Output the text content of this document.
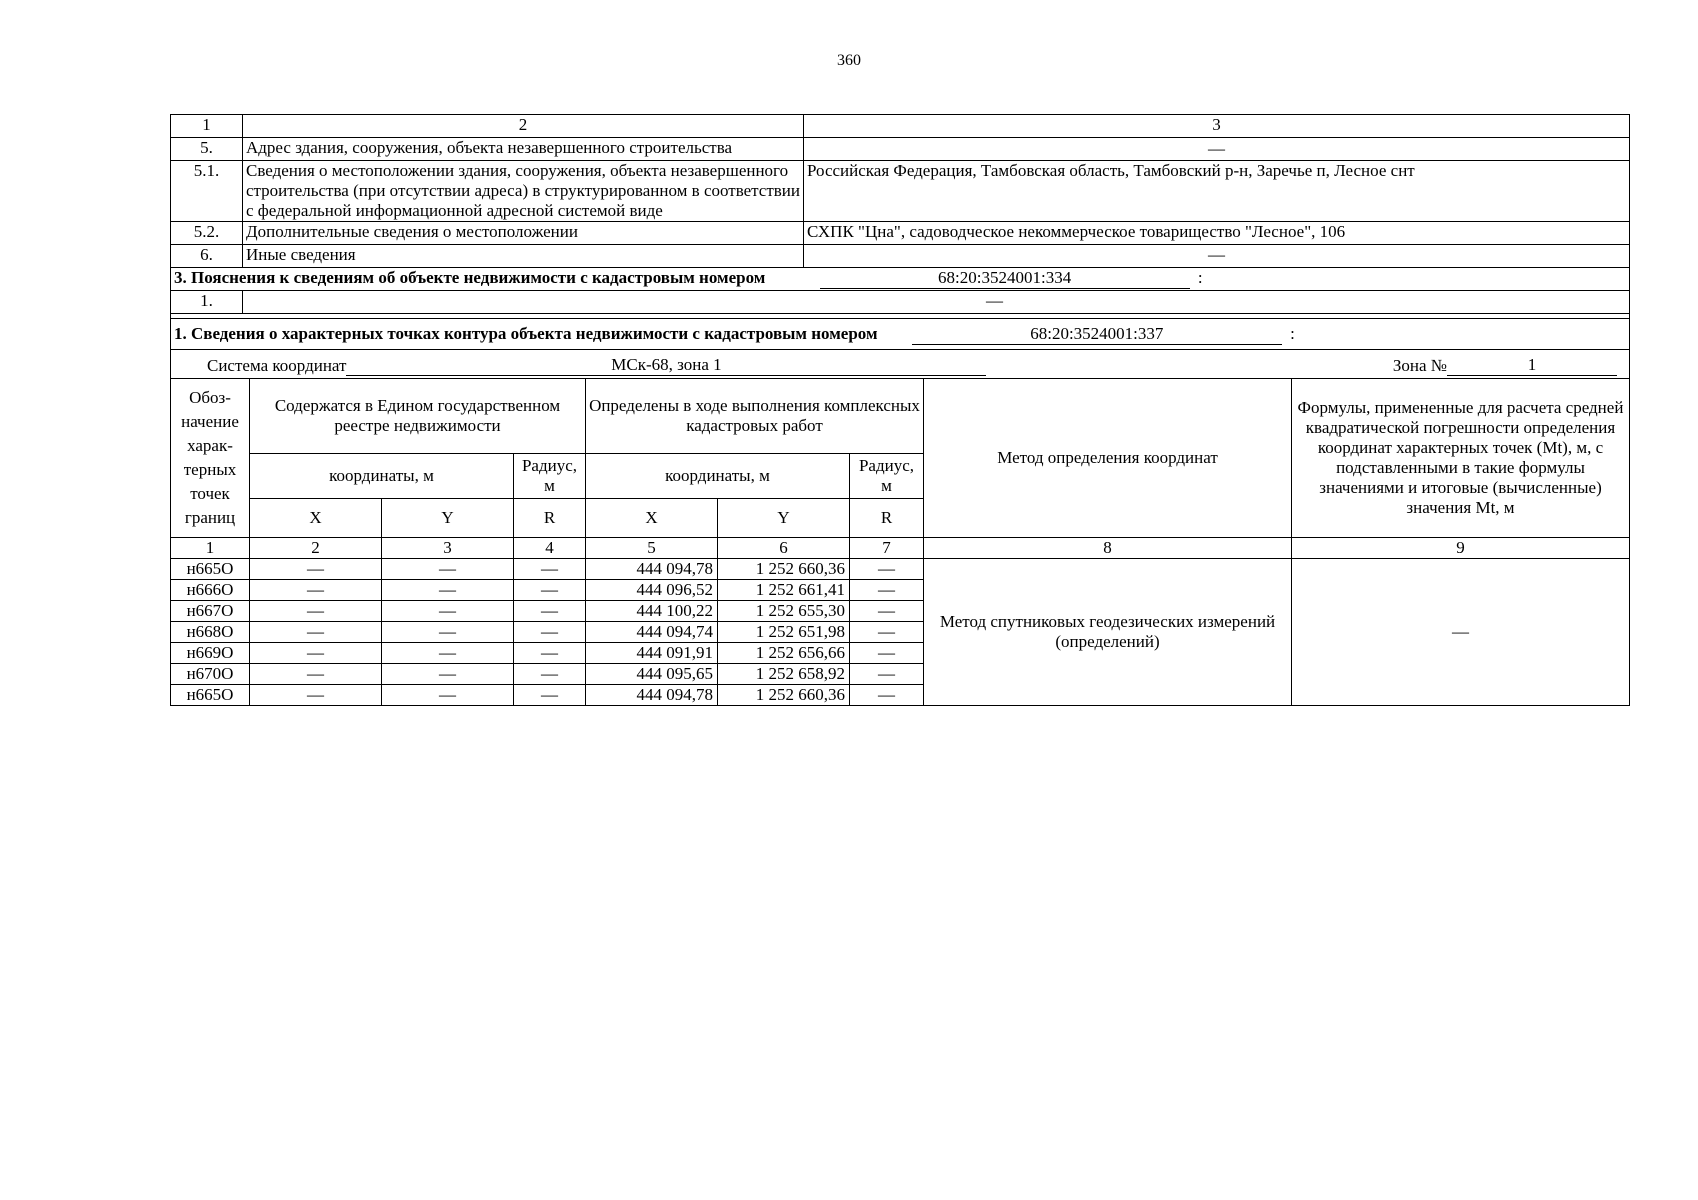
360
1	2	3
5.	Адрес здания, сооружения, объекта незавершенного строительства	—
5.1.	Сведения о местоположении здания, сооружения, объекта незавершенного строительства (при отсутствии адреса) в структурированном в соответствии с федеральной информационной адресной системой виде	Российская Федерация, Тамбовская область, Тамбовский р-н, Заречье п, Лесное снт
5.2.	Дополнительные сведения о местоположении	СХПК "Цна", садоводческое некоммерческое товарищество "Лесное", 106
6.	Иные сведения	—
3. Пояснения к сведениям об объекте недвижимости с кадастровым номером 68:20:3524001:334 :		
1.	—	
1. Сведения о характерных точках контура объекта недвижимости с кадастровым номером 68:20:3524001:337 :								

Система координат МСк-68, зона 1 Зона № 1								

Обоз-начение харак-терных точек границ	Содержатся в Едином государственном реестре недвижимости			Определены в ходе выполнения комплексных кадастровых работ			Метод определения координат	Формулы, примененные для расчета средней квадратической погрешности определения координат характерных точек (Mt), м, с подставленными в такие формулы значениями и итоговые (вычисленные) значения Mt, м
	координаты, м		Радиус, м	координаты, м		Радиус, м		
	X	Y	R	X	Y	R		
1	2	3	4	5	6	7	8	9
н665О	—	—	—	444 094,78	1 252 660,36	—	Метод спутниковых геодезических измерений (определений)	—
н666О	—	—	—	444 096,52	1 252 661,41	—		
н667О	—	—	—	444 100,22	1 252 655,30	—		
н668О	—	—	—	444 094,74	1 252 651,98	—		
н669О	—	—	—	444 091,91	1 252 656,66	—		
н670О	—	—	—	444 095,65	1 252 658,92	—		
н665О	—	—	—	444 094,78	1 252 660,36	—		
